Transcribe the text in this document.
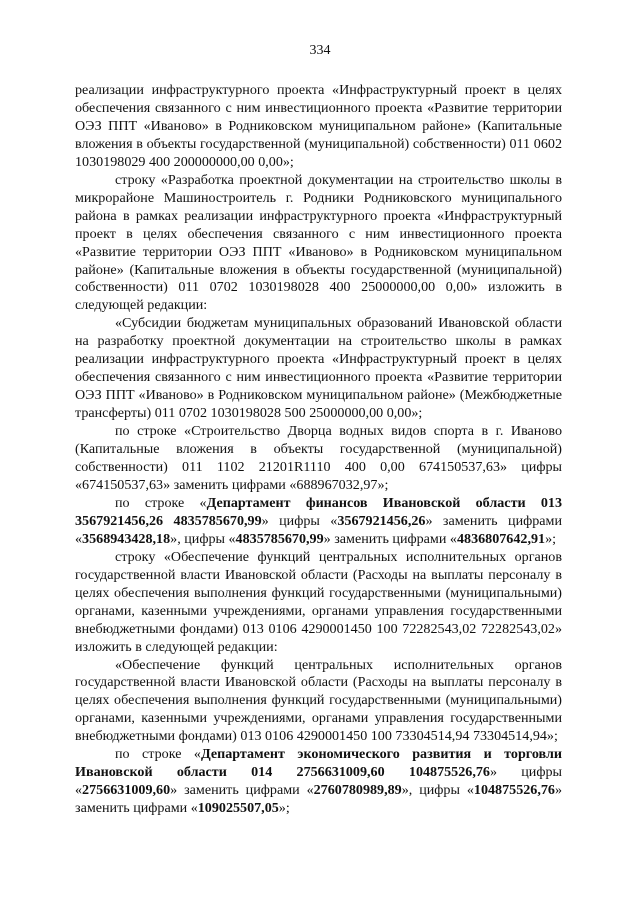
334

реализации инфраструктурного проекта «Инфраструктурный проект в целях обеспечения связанного с ним инвестиционного проекта «Развитие территории ОЭЗ ППТ «Иваново» в Родниковском муниципальном районе» (Капитальные вложения в объекты государственной (муниципальной) собственности) 011 0602 1030198029 400 200000000,00 0,00»;

строку «Разработка проектной документации на строительство школы в микрорайоне Машиностроитель г. Родники Родниковского муниципального района в рамках реализации инфраструктурного проекта «Инфраструктурный проект в целях обеспечения связанного с ним инвестиционного проекта «Развитие территории ОЭЗ ППТ «Иваново» в Родниковском муниципальном районе» (Капитальные вложения в объекты государственной (муниципальной) собственности) 011 0702 1030198028 400 25000000,00 0,00» изложить в следующей редакции:

«Субсидии бюджетам муниципальных образований Ивановской области на разработку проектной документации на строительство школы в рамках реализации инфраструктурного проекта «Инфраструктурный проект в целях обеспечения связанного с ним инвестиционного проекта «Развитие территории ОЭЗ ППТ «Иваново» в Родниковском муниципальном районе» (Межбюджетные трансферты) 011 0702 1030198028 500 25000000,00 0,00»;

по строке «Строительство Дворца водных видов спорта в г. Иваново (Капитальные вложения в объекты государственной (муниципальной) собственности) 011 1102 21201R1110 400 0,00 674150537,63» цифры «674150537,63» заменить цифрами «688967032,97»;

по строке «Департамент финансов Ивановской области 013 3567921456,26 4835785670,99» цифры «3567921456,26» заменить цифрами «3568943428,18», цифры «4835785670,99» заменить цифрами «4836807642,91»;

строку «Обеспечение функций центральных исполнительных органов государственной власти Ивановской области (Расходы на выплаты персоналу в целях обеспечения выполнения функций государственными (муниципальными) органами, казенными учреждениями, органами управления государственными внебюджетными фондами) 013 0106 4290001450 100 72282543,02 72282543,02» изложить в следующей редакции:

«Обеспечение функций центральных исполнительных органов государственной власти Ивановской области (Расходы на выплаты персоналу в целях обеспечения выполнения функций государственными (муниципальными) органами, казенными учреждениями, органами управления государственными внебюджетными фондами) 013 0106 4290001450 100 73304514,94 73304514,94»;

по строке «Департамент экономического развития и торговли Ивановской области 014 2756631009,60 104875526,76» цифры «2756631009,60» заменить цифрами «2760780989,89», цифры «104875526,76» заменить цифрами «109025507,05»;
